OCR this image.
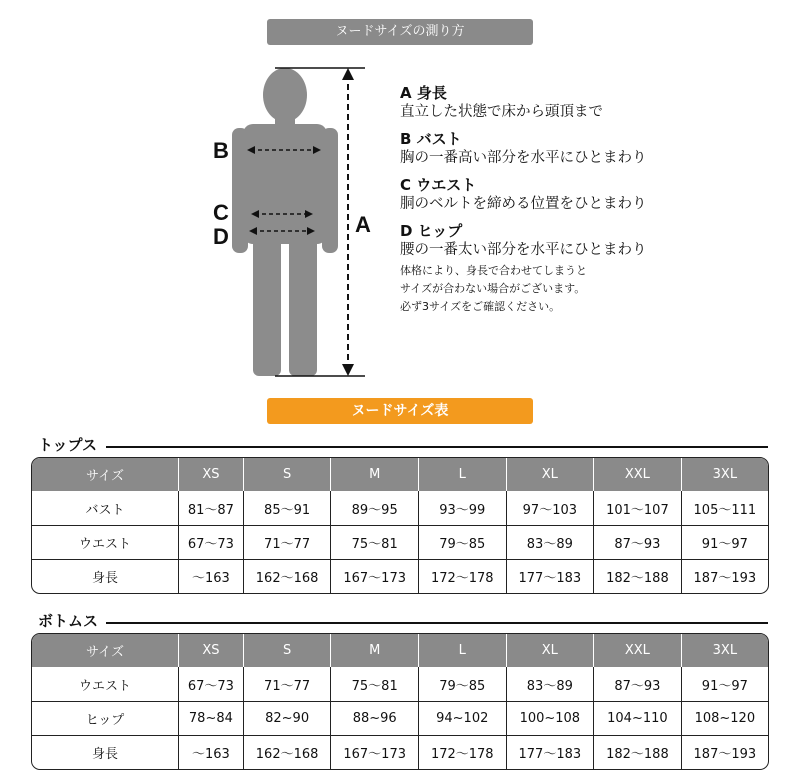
ヌードサイズの測り方
B
C
D	A
A 身長
直立した状態で床から頭頂まで
B バスト
胸の一番高い部分を水平にひとまわり
C ウエスト
胴のベルトを締める位置をひとまわり
D ヒップ
腰の一番太い部分を水平にひとまわり
体格により、身長で合わせてしまうと
サイズが合わない場合がございます。
必ず3サイズをご確認ください。
ヌードサイズ表
トップス
サイズ	XS	S	M	L	XL	XXL	3XL
バスト	81～87	85～91	89～95	93～99	97～103	101～107	105～111
ウエスト	67～73	71～77	75～81	79～85	83～89	87～93	91～97
身長	～163	162～168	167～173	172～178	177～183	182～188	187～193
ボトムス
サイズ	XS	S	M	L	XL	XXL	3XL
ウエスト	67～73	71～77	75～81	79～85	83～89	87～93	91～97
ヒップ	78~84	82~90	88~96	94~102	100~108	104~110	108~120
身長	～163	162～168	167～173	172～178	177～183	182～188	187～193
